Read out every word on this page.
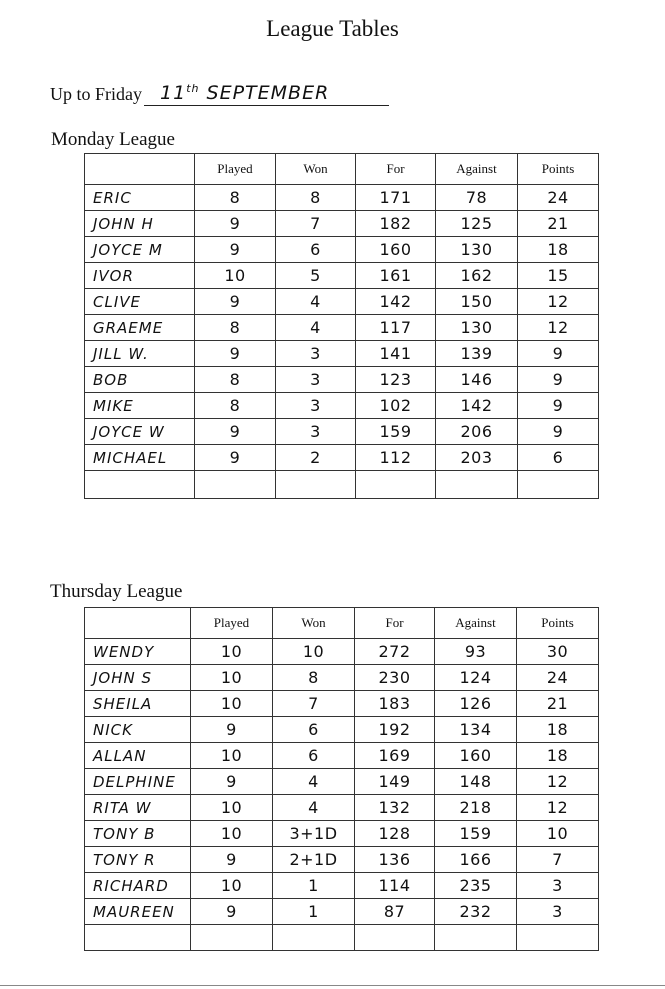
League Tables
Up to Friday 11th SEPTEMBER
Monday League
	Played	Won	For	Against	Points
ERIC	8	8	171	78	24
JOHN H	9	7	182	125	21
JOYCE M	9	6	160	130	18
IVOR	10	5	161	162	15
CLIVE	9	4	142	150	12
GRAEME	8	4	117	130	12
JILL W.	9	3	141	139	9
BOB	8	3	123	146	9
MIKE	8	3	102	142	9
JOYCE W	9	3	159	206	9
MICHAEL	9	2	112	203	6

Thursday League
	Played	Won	For	Against	Points
WENDY	10	10	272	93	30
JOHN S	10	8	230	124	24
SHEILA	10	7	183	126	21
NICK	9	6	192	134	18
ALLAN	10	6	169	160	18
DELPHINE	9	4	149	148	12
RITA W	10	4	132	218	12
TONY B	10	3+1D	128	159	10
TONY R	9	2+1D	136	166	7
RICHARD	10	1	114	235	3
MAUREEN	9	1	87	232	3
